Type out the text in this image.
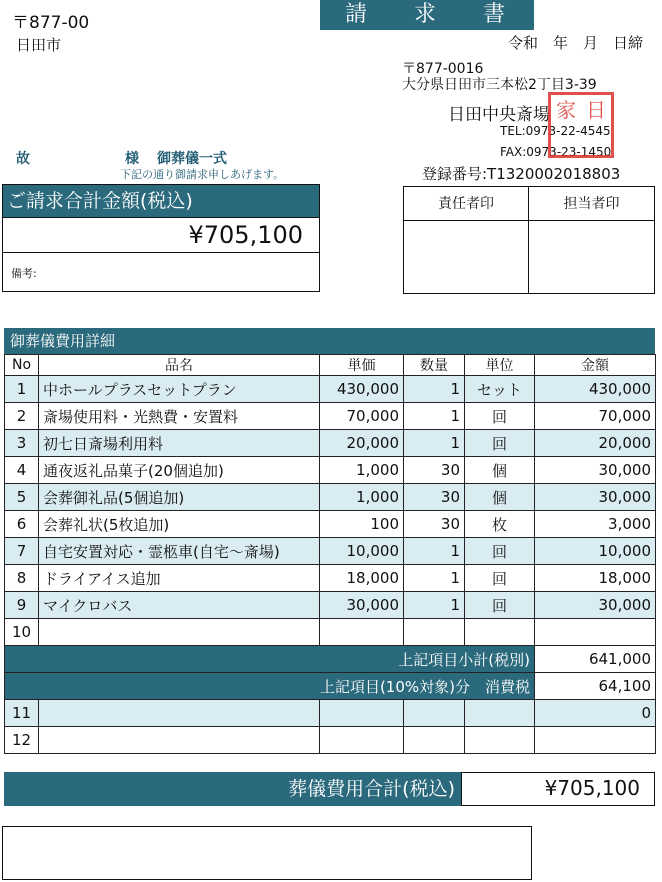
〒877-00
日田市
請 求 書
令和　年　月　日締
〒877-0016
大分県日田市三本松2丁目3-39
日田中央斎場
TEL:0973-22-4545
FAX:0973-23-1450
登録番号:T1320002018803
家 日
故	様 御葬儀一式
下記の通り御請求申しあげます。
ご請求合計金額(税込)
¥705,100
備考:
責任者印	担当者印
御葬儀費用詳細
No	品名	単価	数量	単位	金額
1	中ホールプラスセットプラン	430,000	1	セット	430,000
2	斎場使用料・光熱費・安置料	70,000	1	回	70,000
3	初七日斎場利用料	20,000	1	回	20,000
4	通夜返礼品菓子(20個追加)	1,000	30	個	30,000
5	会葬御礼品(5個追加)	1,000	30	個	30,000
6	会葬礼状(5枚追加)	100	30	枚	3,000
7	自宅安置対応・霊柩車(自宅〜斎場)	10,000	1	回	10,000
8	ドライアイス追加	18,000	1	回	18,000
9	マイクロバス	30,000	1	回	30,000
10					
上記項目小計(税別)					641,000
上記項目(10%対象)分　消費税					64,100
11					0
12					
葬儀費用合計(税込)	¥705,100
